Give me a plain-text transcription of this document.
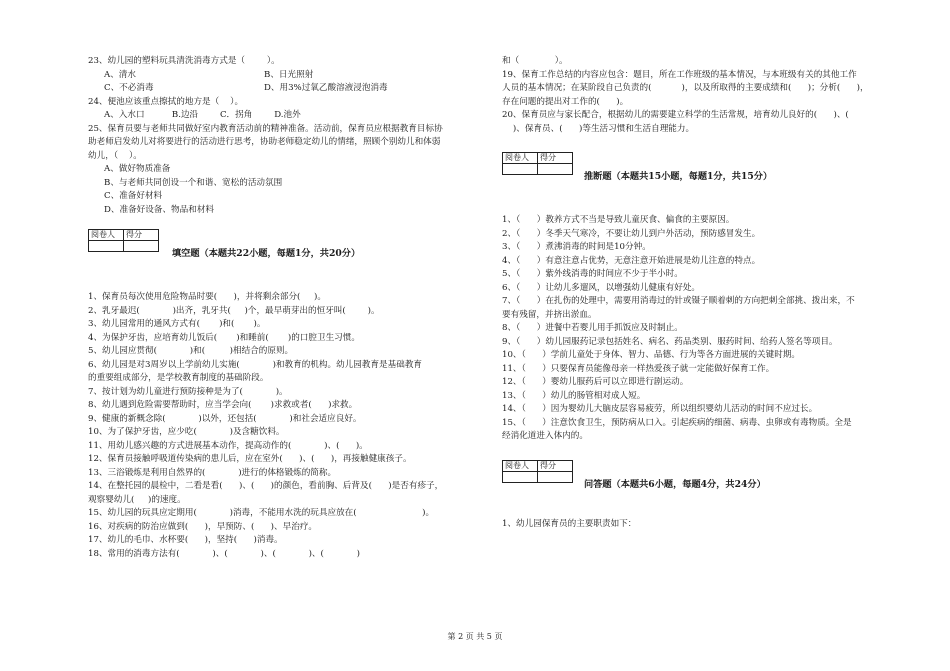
23、幼儿园的塑料玩具清洗消毒方式是（        ）。

A、清水	B、日光照射
C、不必消毒	D、用3%过氧乙酸溶液浸泡消毒

24、便池应该重点擦拭的地方是（    ）。

A、入水口          B.边沿        C．拐角        D.池外

25、保育员要与老师共同做好室内教育活动前的精神准备。活动前，保育员应根据教育目标协

助老师启发幼儿对将要进行的活动进行思考，协助老师稳定幼儿的情绪，照顾个别幼儿和体弱

幼儿，（    ）。

A、做好物质准备

B、与老师共同创设一个和谐、宽松的活动氛围

C、准备好材料

D、准备好设备、物品和材料

阅卷人	得分

填空题（本题共22小题，每题1分，共20分）

1、保育员每次使用危险物品时要(      )，并将剩余部分(     )。

2、乳牙最迟(            )出齐，乳牙共(     )个，最早萌芽出的恒牙叫(        )。

3、幼儿园常用的通风方式有(       )和(       )。

4、为保护牙齿，应培育幼儿饭后(       )和睡前(       )的口腔卫生习惯。

5、幼儿园应贯彻(            )和(         )相结合的原则。

6、幼儿园是对3周岁以上学前幼儿实施(            )和教育的机构。幼儿园教育是基础教育

的重要组成部分，是学校教育制度的基础阶段。

7、按计划为幼儿童进行预防接种是为了(            )。

8、幼儿遇到危险需要帮助时，应当学会向(       )求救或者(      )求救。

9、健康的新概念除(            )以外，还包括(            )和社会适应良好。

10、为了保护牙齿，应少吃(            )及含糖饮料。

11、用幼儿感兴趣的方式进展基本动作，提高动作的(            )、(      )。

12、保育员接触呼吸道传染病的患儿后，应在室外(      )、(      )，再接触健康孩子。

13、三浴锻炼是利用自然界的(            )进行的体格锻炼的简称。

14、在整托园的晨检中，二看是看(      )、(      )的颜色，看前胸、后背及(      )是否有疹子，

观察婴幼儿(     )的速度。

15、幼儿园的玩具应定期用(            )消毒，不能用水洗的玩具应放在(                        )。

16、对疾病的防治应做到(      )，早预防、(      )、早治疗。

17、幼儿的毛巾、水杯要(      )，坚持(      )消毒。

18、常用的消毒方法有(            )、(            )、(            )、(            )

和（             ）。

19、保育工作总结的内容应包含：题目，所在工作班级的基本情况，与本班级有关的其他工作

人员的基本情况；在某阶段自己负责的(           )，以及所取得的主要成绩和(      )；分析(      )，

存在问题的提出对工作的(      )。

20、保育员应与家长配合，根据幼儿的需要建立科学的生活常规，培育幼儿良好的(      )、(

)、保育员、(      )等生活习惯和生活自理能力。

阅卷人	得分

推断题（本题共15小题，每题1分，共15分）

1、（      ）教养方式不当是导致儿童厌食、偏食的主要原因。

2、（      ）冬季天气寒冷，不要让幼儿到户外活动，预防感冒发生。

3、（      ）煮沸消毒的时间是10分钟。

4、（      ）有意注意占优势，无意注意开始进展是幼儿注意的特点。

5、（      ）紫外线消毒的时间应不少于半小时。

6、（      ）让幼儿多遛风，以增强幼儿健康有好处。

7、（      ）在扎伤的处理中，需要用消毒过的针或镊子顺着刺的方向把刺全部挑、拨出来，不

要有残留，并挤出淤血。

8、（      ）进餐中若婴儿用手抓饭应及时制止。

9、（      ）幼儿园服药记录包括姓名、病名、药品类别、服药时间、给药人签名等项目。

10、（      ）学前儿童处于身体、智力、品德、行为等各方面进展的关键时期。

11、（      ）只要保育员能像母亲一样热爱孩子就一定能做好保育工作。

12、（      ）婴幼儿服药后可以立即进行剧运动。

13、（      ）幼儿的肠管相对成人短。

14、（      ）因为婴幼儿大脑皮层容易疲劳，所以组织婴幼儿活动的时间不应过长。

15、（      ）注意饮食卫生，预防病从口入。引起疾病的细菌、病毒、虫卵或有毒物质。全是

经消化道进入体内的。

阅卷人	得分

问答题（本题共6小题，每题4分，共24分）

1、幼儿园保育员的主要职责如下：

第 2 页 共 5 页
